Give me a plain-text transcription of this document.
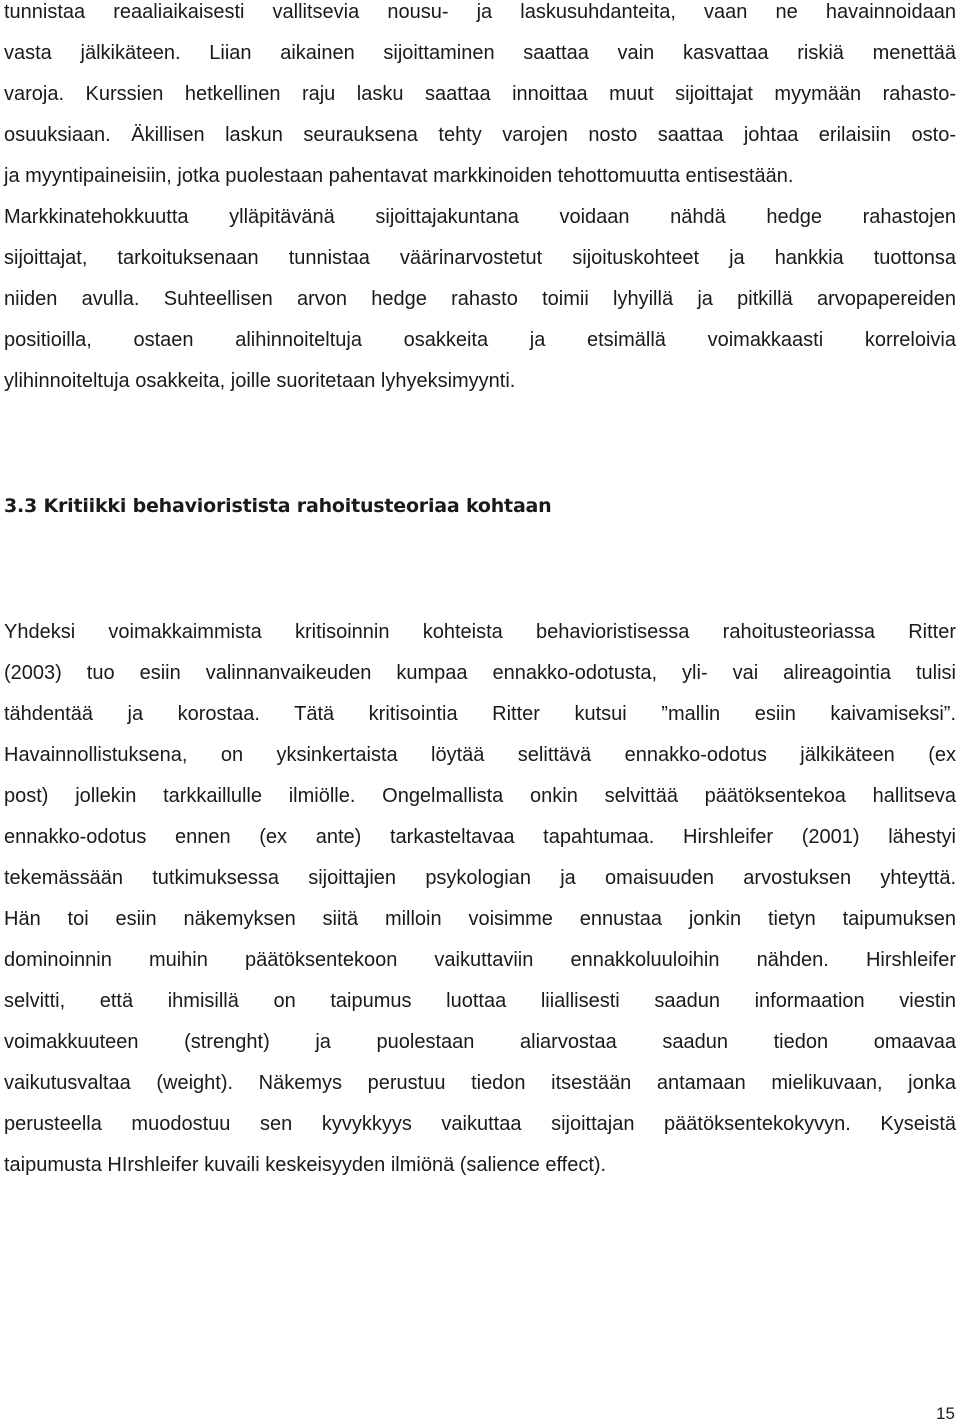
tunnistaa reaaliaikaisesti vallitsevia nousu- ja laskusuhdanteita, vaan ne havainnoidaan
vasta jälkikäteen. Liian aikainen sijoittaminen saattaa vain kasvattaa riskiä menettää
varoja. Kurssien hetkellinen raju lasku saattaa innoittaa muut sijoittajat myymään rahasto-
osuuksiaan. Äkillisen laskun seurauksena tehty varojen nosto saattaa johtaa erilaisiin osto-
ja myyntipaineisiin, jotka puolestaan pahentavat markkinoiden tehottomuutta entisestään.
Markkinatehokkuutta ylläpitävänä sijoittajakuntana voidaan nähdä hedge rahastojen
sijoittajat, tarkoituksenaan tunnistaa väärinarvostetut sijoituskohteet ja hankkia tuottonsa
niiden avulla. Suhteellisen arvon hedge rahasto toimii lyhyillä ja pitkillä arvopapereiden
positioilla, ostaen alihinnoiteltuja osakkeita ja etsimällä voimakkaasti korreloivia
ylihinnoiteltuja osakkeita, joille suoritetaan lyhyeksimyynti.
3.3 Kritiikki behavioristista rahoitusteoriaa kohtaan
Yhdeksi voimakkaimmista kritisoinnin kohteista behavioristisessa rahoitusteoriassa Ritter
(2003) tuo esiin valinnanvaikeuden kumpaa ennakko-odotusta, yli- vai alireagointia tulisi
tähdentää ja korostaa. Tätä kritisointia Ritter kutsui ”mallin esiin kaivamiseksi”.
Havainnollistuksena, on yksinkertaista löytää selittävä ennakko-odotus jälkikäteen (ex
post) jollekin tarkkaillulle ilmiölle. Ongelmallista onkin selvittää päätöksentekoa hallitseva
ennakko-odotus ennen (ex ante) tarkasteltavaa tapahtumaa. Hirshleifer (2001) lähestyi
tekemässään tutkimuksessa sijoittajien psykologian ja omaisuuden arvostuksen yhteyttä.
Hän toi esiin näkemyksen siitä milloin voisimme ennustaa jonkin tietyn taipumuksen
dominoinnin muihin päätöksentekoon vaikuttaviin ennakkoluuloihin nähden. Hirshleifer
selvitti, että ihmisillä on taipumus luottaa liiallisesti saadun informaation viestin
voimakkuuteen (strenght) ja puolestaan aliarvostaa saadun tiedon omaavaa
vaikutusvaltaa (weight). Näkemys perustuu tiedon itsestään antamaan mielikuvaan, jonka
perusteella muodostuu sen kyvykkyys vaikuttaa sijoittajan päätöksentekokyvyn. Kyseistä
taipumusta HIrshleifer kuvaili keskeisyyden ilmiönä (salience effect).
15
